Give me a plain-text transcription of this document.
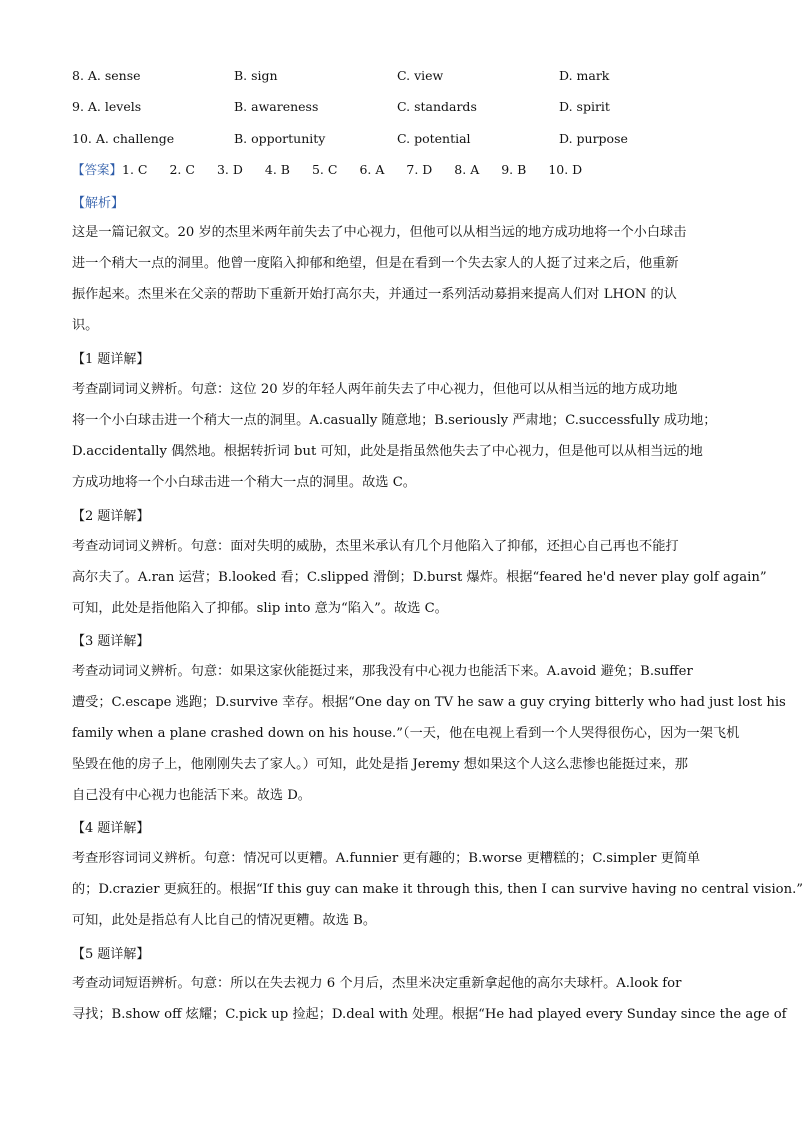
8. A. sense	B. sign	C. view	D. mark
9. A. levels	B. awareness	C. standards	D. spirit
10. A. challenge	B. opportunity	C. potential	D. purpose
【答案】1. C 2. C 3. D 4. B 5. C 6. A 7. D 8. A 9. B 10. D
【解析】
这是一篇记叙文。20 岁的杰里米两年前失去了中心视力，但他可以从相当远的地方成功地将一个小白球击
进一个稍大一点的洞里。他曾一度陷入抑郁和绝望，但是在看到一个失去家人的人挺了过来之后，他重新
振作起来。杰里米在父亲的帮助下重新开始打高尔夫，并通过一系列活动募捐来提高人们对 LHON 的认
识。
【1 题详解】
考查副词词义辨析。句意：这位 20 岁的年轻人两年前失去了中心视力，但他可以从相当远的地方成功地
将一个小白球击进一个稍大一点的洞里。A.casually 随意地；B.seriously 严肃地；C.successfully 成功地；
D.accidentally 偶然地。根据转折词 but 可知，此处是指虽然他失去了中心视力，但是他可以从相当远的地
方成功地将一个小白球击进一个稍大一点的洞里。故选 C。
【2 题详解】
考查动词词义辨析。句意：面对失明的威胁，杰里米承认有几个月他陷入了抑郁，还担心自己再也不能打
高尔夫了。A.ran 运营；B.looked 看；C.slipped 滑倒；D.burst 爆炸。根据“feared he'd never play golf again”
可知，此处是指他陷入了抑郁。slip into 意为“陷入”。故选 C。
【3 题详解】
考查动词词义辨析。句意：如果这家伙能挺过来，那我没有中心视力也能活下来。A.avoid 避免；B.suffer
遭受；C.escape 逃跑；D.survive 幸存。根据“One day on TV he saw a guy crying bitterly who had just lost his
family when a plane crashed down on his house.”（一天，他在电视上看到一个人哭得很伤心，因为一架飞机
坠毁在他的房子上，他刚刚失去了家人。）可知，此处是指 Jeremy 想如果这个人这么悲惨也能挺过来，那
自己没有中心视力也能活下来。故选 D。
【4 题详解】
考查形容词词义辨析。句意：情况可以更糟。A.funnier 更有趣的；B.worse 更糟糕的；C.simpler 更简单
的；D.crazier 更疯狂的。根据“If this guy can make it through this, then I can survive having no central vision.”
可知，此处是指总有人比自己的情况更糟。故选 B。
【5 题详解】
考查动词短语辨析。句意：所以在失去视力 6 个月后，杰里米决定重新拿起他的高尔夫球杆。A.look for
寻找；B.show off 炫耀；C.pick up 捡起；D.deal with 处理。根据“He had played every Sunday since the age of
